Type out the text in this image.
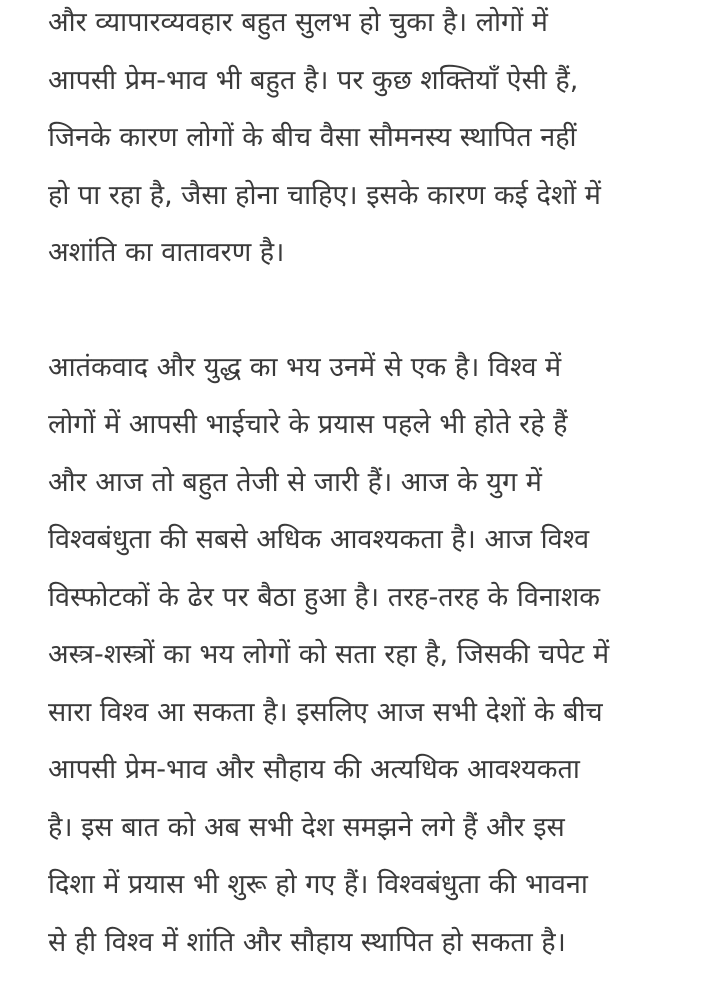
और व्यापारव्यवहार बहुत सुलभ हो चुका है। लोगों में
आपसी प्रेम-भाव भी बहुत है। पर कुछ शक्तियाँ ऐसी हैं,
जिनके कारण लोगों के बीच वैसा सौमनस्य स्थापित नहीं
हो पा रहा है, जैसा होना चाहिए। इसके कारण कई देशों में
अशांति का वातावरण है।

आतंकवाद और युद्ध का भय उनमें से एक है। विश्व में
लोगों में आपसी भाईचारे के प्रयास पहले भी होते रहे हैं
और आज तो बहुत तेजी से जारी हैं। आज के युग में
विश्वबंधुता की सबसे अधिक आवश्यकता है। आज विश्व
विस्फोटकों के ढेर पर बैठा हुआ है। तरह-तरह के विनाशक
अस्त्र-शस्त्रों का भय लोगों को सता रहा है, जिसकी चपेट में
सारा विश्व आ सकता है। इसलिए आज सभी देशों के बीच
आपसी प्रेम-भाव और सौहाय की अत्यधिक आवश्यकता
है। इस बात को अब सभी देश समझने लगे हैं और इस
दिशा में प्रयास भी शुरू हो गए हैं। विश्वबंधुता की भावना
से ही विश्व में शांति और सौहाय स्थापित हो सकता है।
